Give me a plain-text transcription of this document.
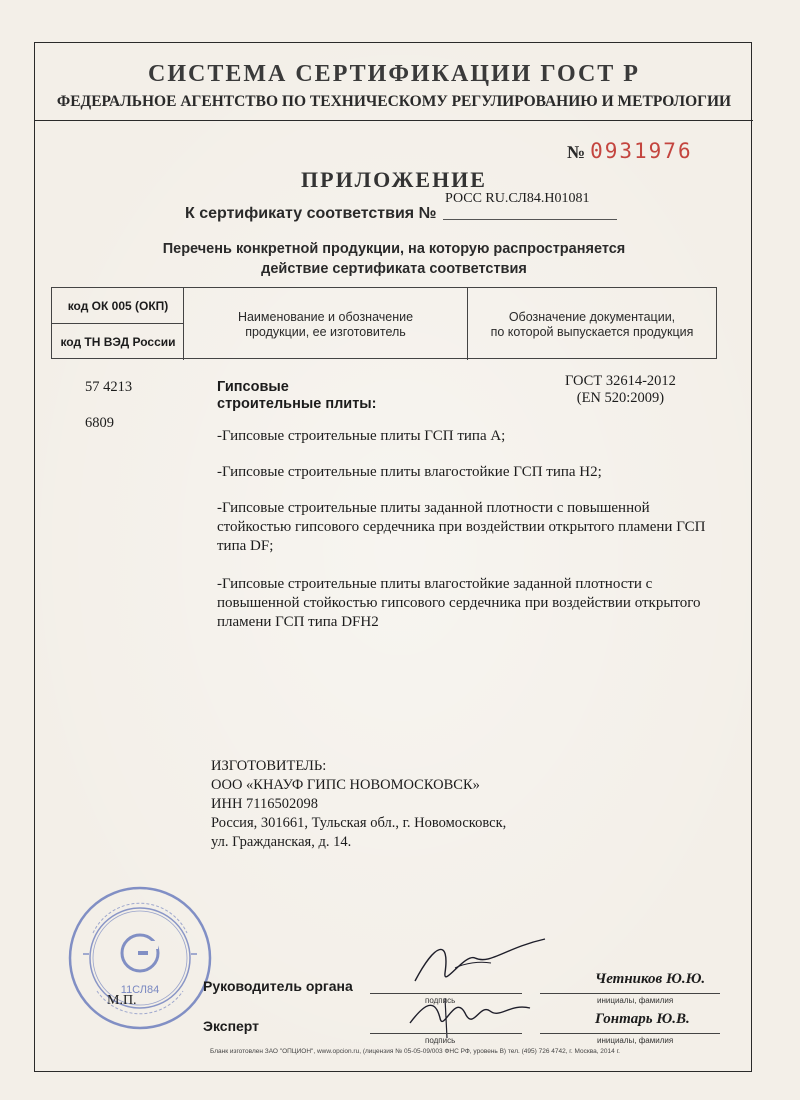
СИСТЕМА СЕРТИФИКАЦИИ ГОСТ Р
ФЕДЕРАЛЬНОЕ АГЕНТСТВО ПО ТЕХНИЧЕСКОМУ РЕГУЛИРОВАНИЮ И МЕТРОЛОГИИ
№ 0931976
ПРИЛОЖЕНИЕ
К сертификату соответствия №
РОСС RU.СЛ84.Н01081
Перечень конкретной продукции, на которую распространяется
действие сертификата соответствия
код ОК 005 (ОКП)
код ТН ВЭД России
Наименование и обозначение
продукции, ее изготовитель
Обозначение документации,
по которой выпускается продукция
57 4213
6809
Гипсовые
строительные плиты:
ГОСТ 32614-2012
(EN 520:2009)
-Гипсовые строительные плиты ГСП типа А;
-Гипсовые строительные плиты влагостойкие ГСП типа Н2;
-Гипсовые строительные плиты заданной плотности с повышенной стойкостью гипсового сердечника при воздействии открытого пламени ГСП типа DF;
-Гипсовые строительные плиты влагостойкие заданной плотности с повышенной стойкостью гипсового сердечника при воздействии открытого пламени ГСП типа DFH2
ИЗГОТОВИТЕЛЬ:
ООО «КНАУФ ГИПС НОВОМОСКОВСК»
ИНН 7116502098
Россия, 301661, Тульская обл., г. Новомосковск,
ул. Гражданская, д. 14.
11СЛ84
М.П.
Руководитель органа
Эксперт
подпись	инициалы, фамилия
подпись	инициалы, фамилия
Четников Ю.Ю.
Гонтарь Ю.В.
Бланк изготовлен ЗАО "ОПЦИОН", www.opcion.ru, (лицензия № 05-05-09/003 ФНС РФ, уровень В) тел. (495) 726 4742, г. Москва, 2014 г.
